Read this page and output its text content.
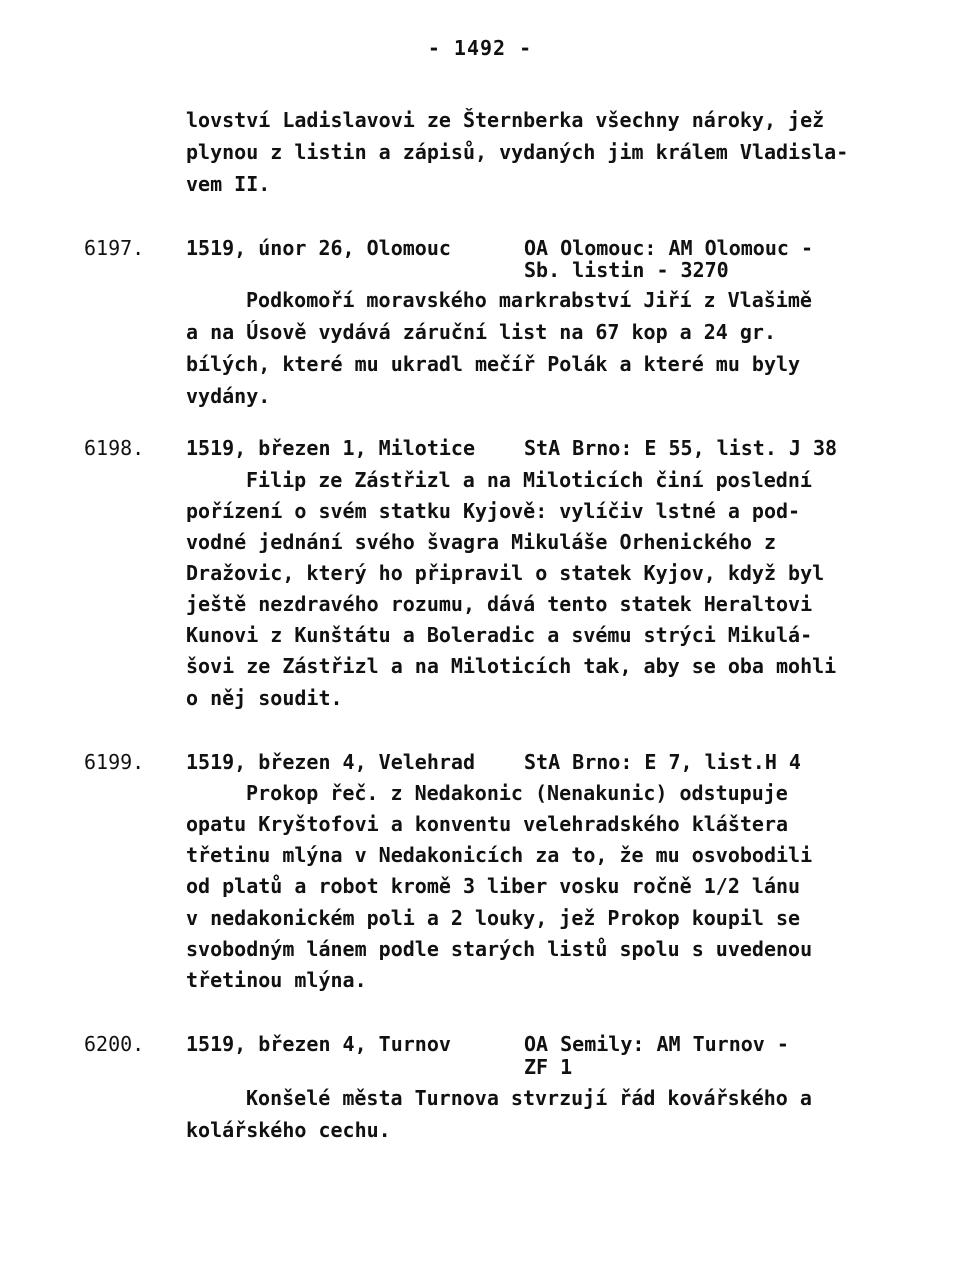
- 1492 -
lovství Ladislavovi ze Šternberka všechny nároky, jež
plynou z listin a zápisů, vydaných jim králem Vladisla-
vem II.
6197. 1519, únor 26, Olomouc	OA Olomouc: AM Olomouc -
Sb. listin - 3270
Podkomoří moravského markrabství Jiří z Vlašimě
a na Úsově vydává záruční list na 67 kop a 24 gr.
bílých, které mu ukradl mečíř Polák a které mu byly
vydány.
6198. 1519, březen 1, Milotice StA Brno: E 55, list. J 38
Filip ze Zástřizl a na Miloticích činí poslední
pořízení o svém statku Kyjově: vylíčiv lstné a pod-
vodné jednání svého švagra Mikuláše Orhenického z
Dražovic, který ho připravil o statek Kyjov, když byl
ještě nezdravého rozumu, dává tento statek Heraltovi
Kunovi z Kunštátu a Boleradic a svému strýci Mikulá-
šovi ze Zástřizl a na Miloticích tak, aby se oba mohli
o něj soudit.
6199. 1519, březen 4, Velehrad StA Brno: E 7, list.H 4
Prokop řeč. z Nedakonic (Nenakunic) odstupuje
opatu Kryštofovi a konventu velehradského kláštera
třetinu mlýna v Nedakonicích za to, že mu osvobodili
od platů a robot kromě 3 liber vosku ročně 1/2 lánu
v nedakonickém poli a 2 louky, jež Prokop koupil se
svobodným lánem podle starých listů spolu s uvedenou
třetinou mlýna.
6200. 1519, březen 4, Turnov	OA Semily: AM Turnov -
ZF 1
Konšelé města Turnova stvrzují řád kovářského a
kolářského cechu.
